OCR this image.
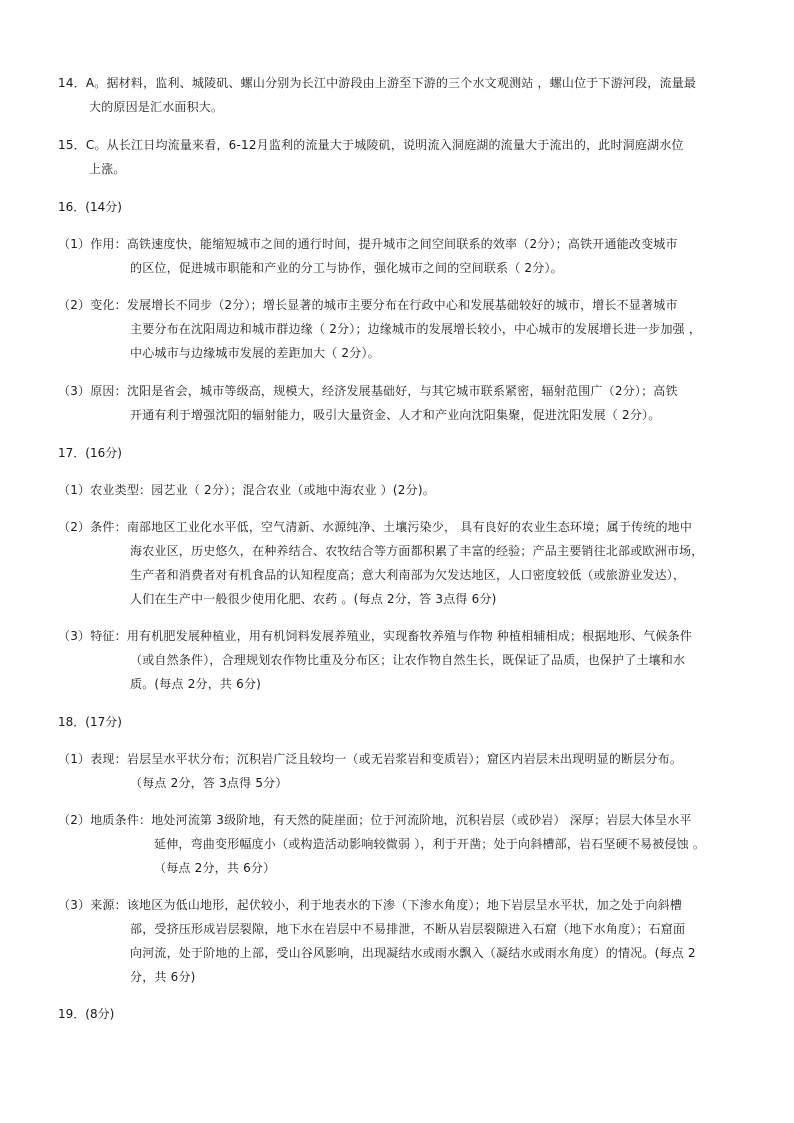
14．A。据材料，监利、城陵矶、螺山分别为长江中游段由上游至下游的三个水文观测站 ，螺山位于下游河段，流量最
大的原因是汇水面积大。
15．C。从长江日均流量来看，6-12月监利的流量大于城陵矶，说明流入洞庭湖的流量大于流出的，此时洞庭湖水位
上涨。
16．(14分)
（1）作用：高铁速度快，能缩短城市之间的通行时间，提升城市之间空间联系的效率（2分）；高铁开通能改变城市
的区位，促进城市职能和产业的分工与协作，强化城市之间的空间联系（ 2分）。
（2）变化：发展增长不同步（2分）；增长显著的城市主要分布在行政中心和发展基础较好的城市，增长不显著城市
主要分布在沈阳周边和城市群边缘（ 2分）；边缘城市的发展增长较小，中心城市的发展增长进一步加强 ，
中心城市与边缘城市发展的差距加大（ 2分）。
（3）原因：沈阳是省会，城市等级高，规模大，经济发展基础好，与其它城市联系紧密，辐射范围广（2分）；高铁
开通有利于增强沈阳的辐射能力，吸引大量资金、人才和产业向沈阳集聚，促进沈阳发展（ 2分）。
17．(16分)
（1）农业类型：园艺业（ 2分）；混合农业（或地中海农业 ）(2分)。
（2）条件：南部地区工业化水平低，空气清新、水源纯净、土壤污染少， 具有良好的农业生态环境；属于传统的地中
海农业区，历史悠久，在种养结合、农牧结合等方面都积累了丰富的经验；产品主要销往北部或欧洲市场，
生产者和消费者对有机食品的认知程度高；意大利南部为欠发达地区，人口密度较低（或旅游业发达），
人们在生产中一般很少使用化肥、农药 。(每点 2分，答 3点得 6分)
（3）特征：用有机肥发展种植业，用有机饲料发展养殖业，实现畜牧养殖与作物 种植相辅相成；根据地形、气候条件
（或自然条件），合理规划农作物比重及分布区；让农作物自然生长，既保证了品质，也保护了土壤和水
质。(每点 2分，共 6分)
18．(17分)
（1）表现：岩层呈水平状分布；沉积岩广泛且较均一（或无岩浆岩和变质岩）；窟区内岩层未出现明显的断层分布。
（每点 2分，答 3点得 5分）
（2）地质条件：地处河流第 3级阶地，有天然的陡崖面；位于河流阶地，沉积岩层（或砂岩） 深厚；岩层大体呈水平
延伸，弯曲变形幅度小（或构造活动影响较微弱 ），利于开凿；处于向斜槽部，岩石坚硬不易被侵蚀 。
（每点 2分，共 6分）
（3）来源：该地区为低山地形，起伏较小，利于地表水的下渗（下渗水角度）；地下岩层呈水平状，加之处于向斜槽
部，受挤压形成岩层裂隙，地下水在岩层中不易排泄，不断从岩层裂隙进入石窟（地下水角度）；石窟面
向河流，处于阶地的上部，受山谷风影响，出现凝结水或雨水飘入（凝结水或雨水角度）的情况。(每点 2
分，共 6分)
19．(8分)
